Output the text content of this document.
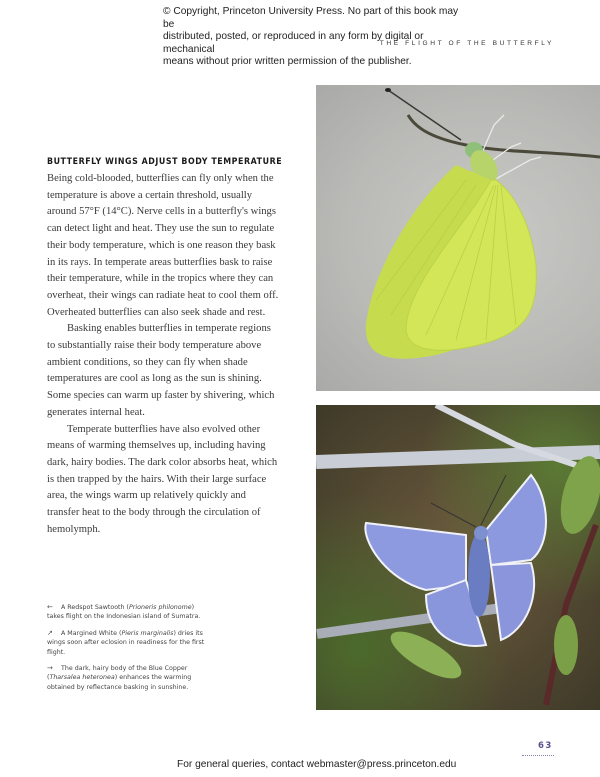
© Copyright, Princeton University Press. No part of this book may be
distributed, posted, or reproduced in any form by digital or mechanical
means without prior written permission of the publisher.
THE FLIGHT OF THE BUTTERFLY
BUTTERFLY WINGS ADJUST BODY TEMPERATURE

Being cold-blooded, butterflies can fly only when the temperature is above a certain threshold, usually around 57°F (14°C). Nerve cells in a butterfly's wings can detect light and heat. They use the sun to regulate their body temperature, which is one reason they bask in its rays. In temperate areas butterflies bask to raise their temperature, while in the tropics where they can overheat, their wings can radiate heat to cool them off. Overheated butterflies can also seek shade and rest.

Basking enables butterflies in temperate regions to substantially raise their body temperature above ambient conditions, so they can fly when shade temperatures are cool as long as the sun is shining. Some species can warm up faster by shivering, which generates internal heat.

Temperate butterflies have also evolved other means of warming themselves up, including having dark, hairy bodies. The dark color absorbs heat, which is then trapped by the hairs. With their large surface area, the wings warm up relatively quickly and transfer heat to the body through the circulation of hemolymph.

← A Redspot Sawtooth (Prioneris philonome) takes flight on the Indonesian island of Sumatra.
↗ A Margined White (Pieris marginalis) dries its wings soon after eclosion in readiness for the first flight.
→ The dark, hairy body of the Blue Copper (Tharsalea heteronea) enhances the warming obtained by reflectance basking in sunshine.
63
For general queries, contact webmaster@press.princeton.edu
